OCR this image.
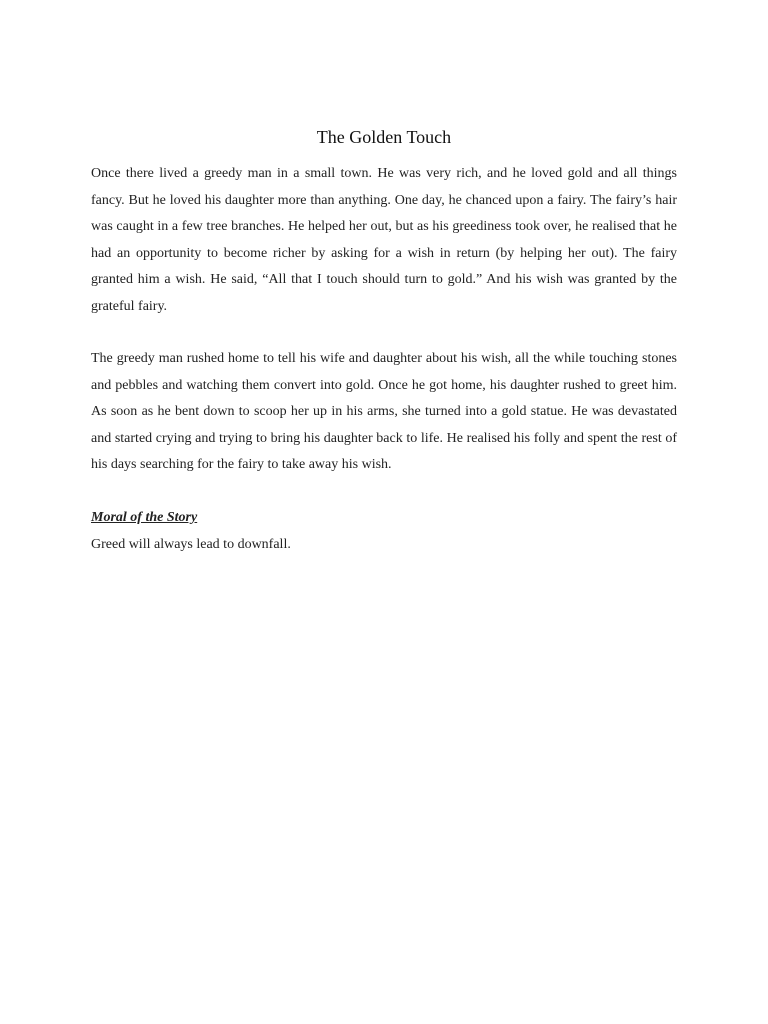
The Golden Touch

Once there lived a greedy man in a small town. He was very rich, and he loved gold and all things fancy. But he loved his daughter more than anything. One day, he chanced upon a fairy. The fairy’s hair was caught in a few tree branches. He helped her out, but as his greediness took over, he realised that he had an opportunity to become richer by asking for a wish in return (by helping her out). The fairy granted him a wish. He said, “All that I touch should turn to gold.” And his wish was granted by the grateful fairy.

The greedy man rushed home to tell his wife and daughter about his wish, all the while touching stones and pebbles and watching them convert into gold. Once he got home, his daughter rushed to greet him. As soon as he bent down to scoop her up in his arms, she turned into a gold statue. He was devastated and started crying and trying to bring his daughter back to life. He realised his folly and spent the rest of his days searching for the fairy to take away his wish.

Moral of the Story
Greed will always lead to downfall.
